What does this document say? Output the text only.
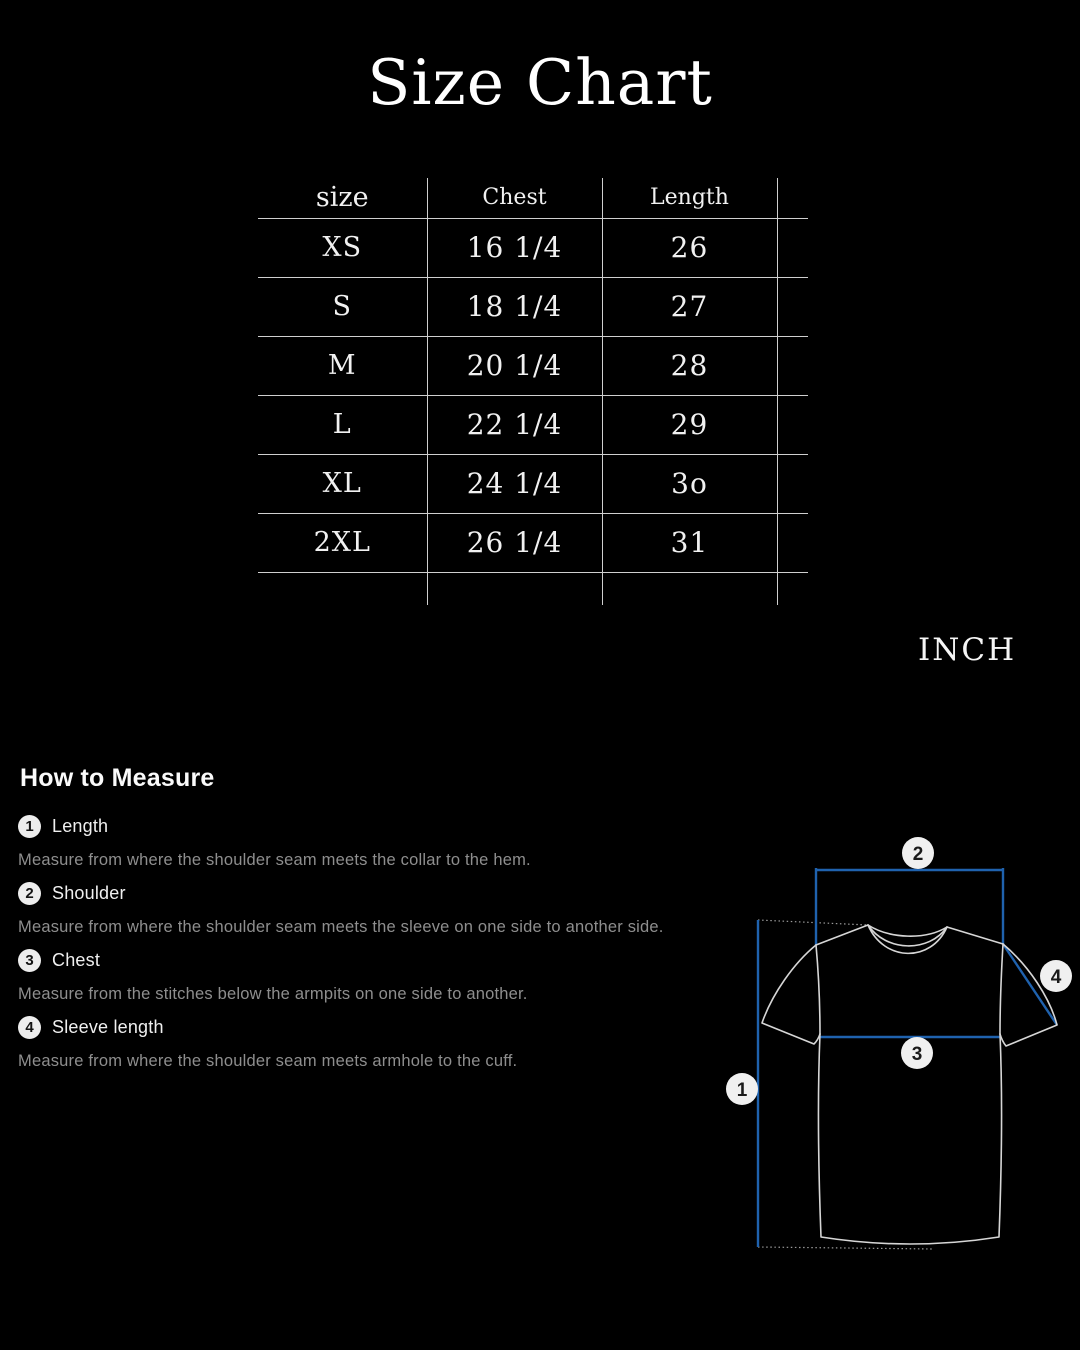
Size Chart
size	Chest	Length	
XS	16 1/4	26	
S	18 1/4	27	
M	20 1/4	28	
L	22 1/4	29	
XL	24 1/4	3o	
2XL	26 1/4	31	

INCH
How to Measure
1	Length
Measure from where the shoulder seam meets the collar to the hem.
2	Shoulder
Measure from where the shoulder seam meets the sleeve on one side to another side.
3	Chest
Measure from the stitches below the armpits on one side to another.
4	Sleeve length
Measure from where the shoulder seam meets armhole to the cuff.
1
2
3
4
